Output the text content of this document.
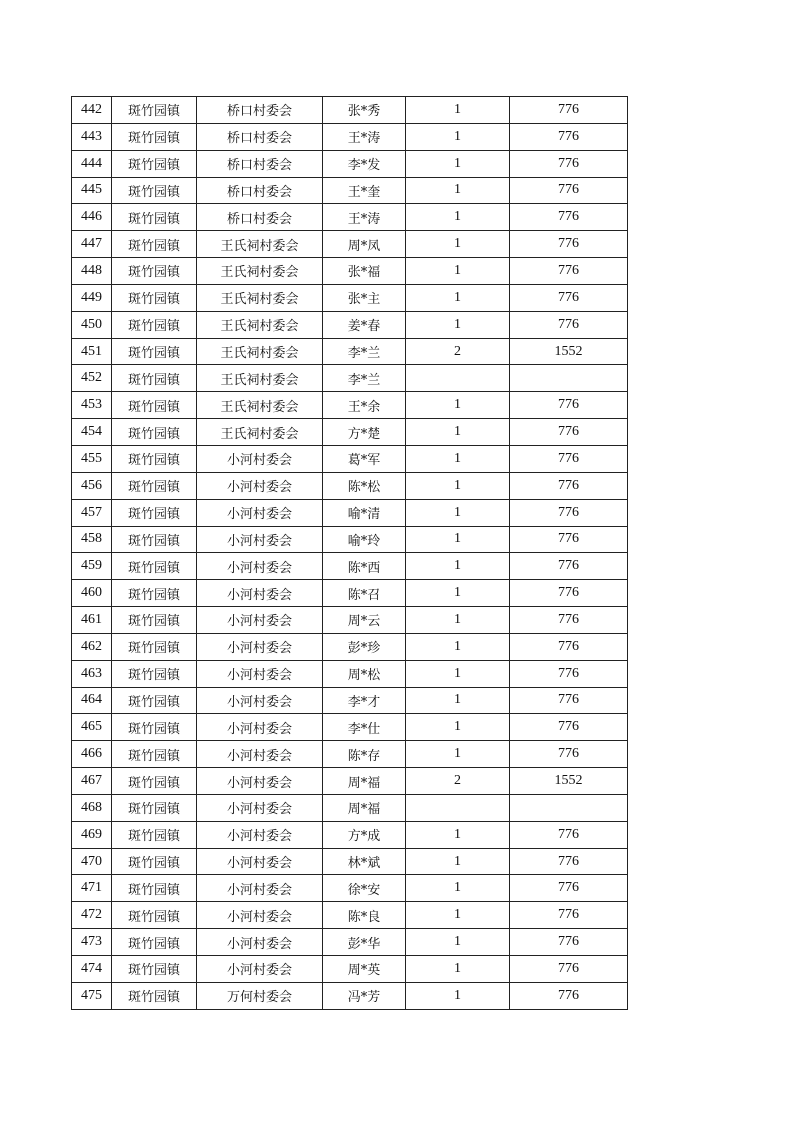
442	斑竹园镇	桥口村委会	张*秀	1	776
443	斑竹园镇	桥口村委会	王*涛	1	776
444	斑竹园镇	桥口村委会	李*发	1	776
445	斑竹园镇	桥口村委会	王*奎	1	776
446	斑竹园镇	桥口村委会	王*涛	1	776
447	斑竹园镇	王氏祠村委会	周*凤	1	776
448	斑竹园镇	王氏祠村委会	张*福	1	776
449	斑竹园镇	王氏祠村委会	张*主	1	776
450	斑竹园镇	王氏祠村委会	姜*春	1	776
451	斑竹园镇	王氏祠村委会	李*兰	2	1552
452	斑竹园镇	王氏祠村委会	李*兰		
453	斑竹园镇	王氏祠村委会	王*余	1	776
454	斑竹园镇	王氏祠村委会	方*楚	1	776
455	斑竹园镇	小河村委会	葛*军	1	776
456	斑竹园镇	小河村委会	陈*松	1	776
457	斑竹园镇	小河村委会	喻*清	1	776
458	斑竹园镇	小河村委会	喻*玲	1	776
459	斑竹园镇	小河村委会	陈*西	1	776
460	斑竹园镇	小河村委会	陈*召	1	776
461	斑竹园镇	小河村委会	周*云	1	776
462	斑竹园镇	小河村委会	彭*珍	1	776
463	斑竹园镇	小河村委会	周*松	1	776
464	斑竹园镇	小河村委会	李*才	1	776
465	斑竹园镇	小河村委会	李*仕	1	776
466	斑竹园镇	小河村委会	陈*存	1	776
467	斑竹园镇	小河村委会	周*福	2	1552
468	斑竹园镇	小河村委会	周*福		
469	斑竹园镇	小河村委会	方*成	1	776
470	斑竹园镇	小河村委会	林*斌	1	776
471	斑竹园镇	小河村委会	徐*安	1	776
472	斑竹园镇	小河村委会	陈*良	1	776
473	斑竹园镇	小河村委会	彭*华	1	776
474	斑竹园镇	小河村委会	周*英	1	776
475	斑竹园镇	万何村委会	冯*芳	1	776
